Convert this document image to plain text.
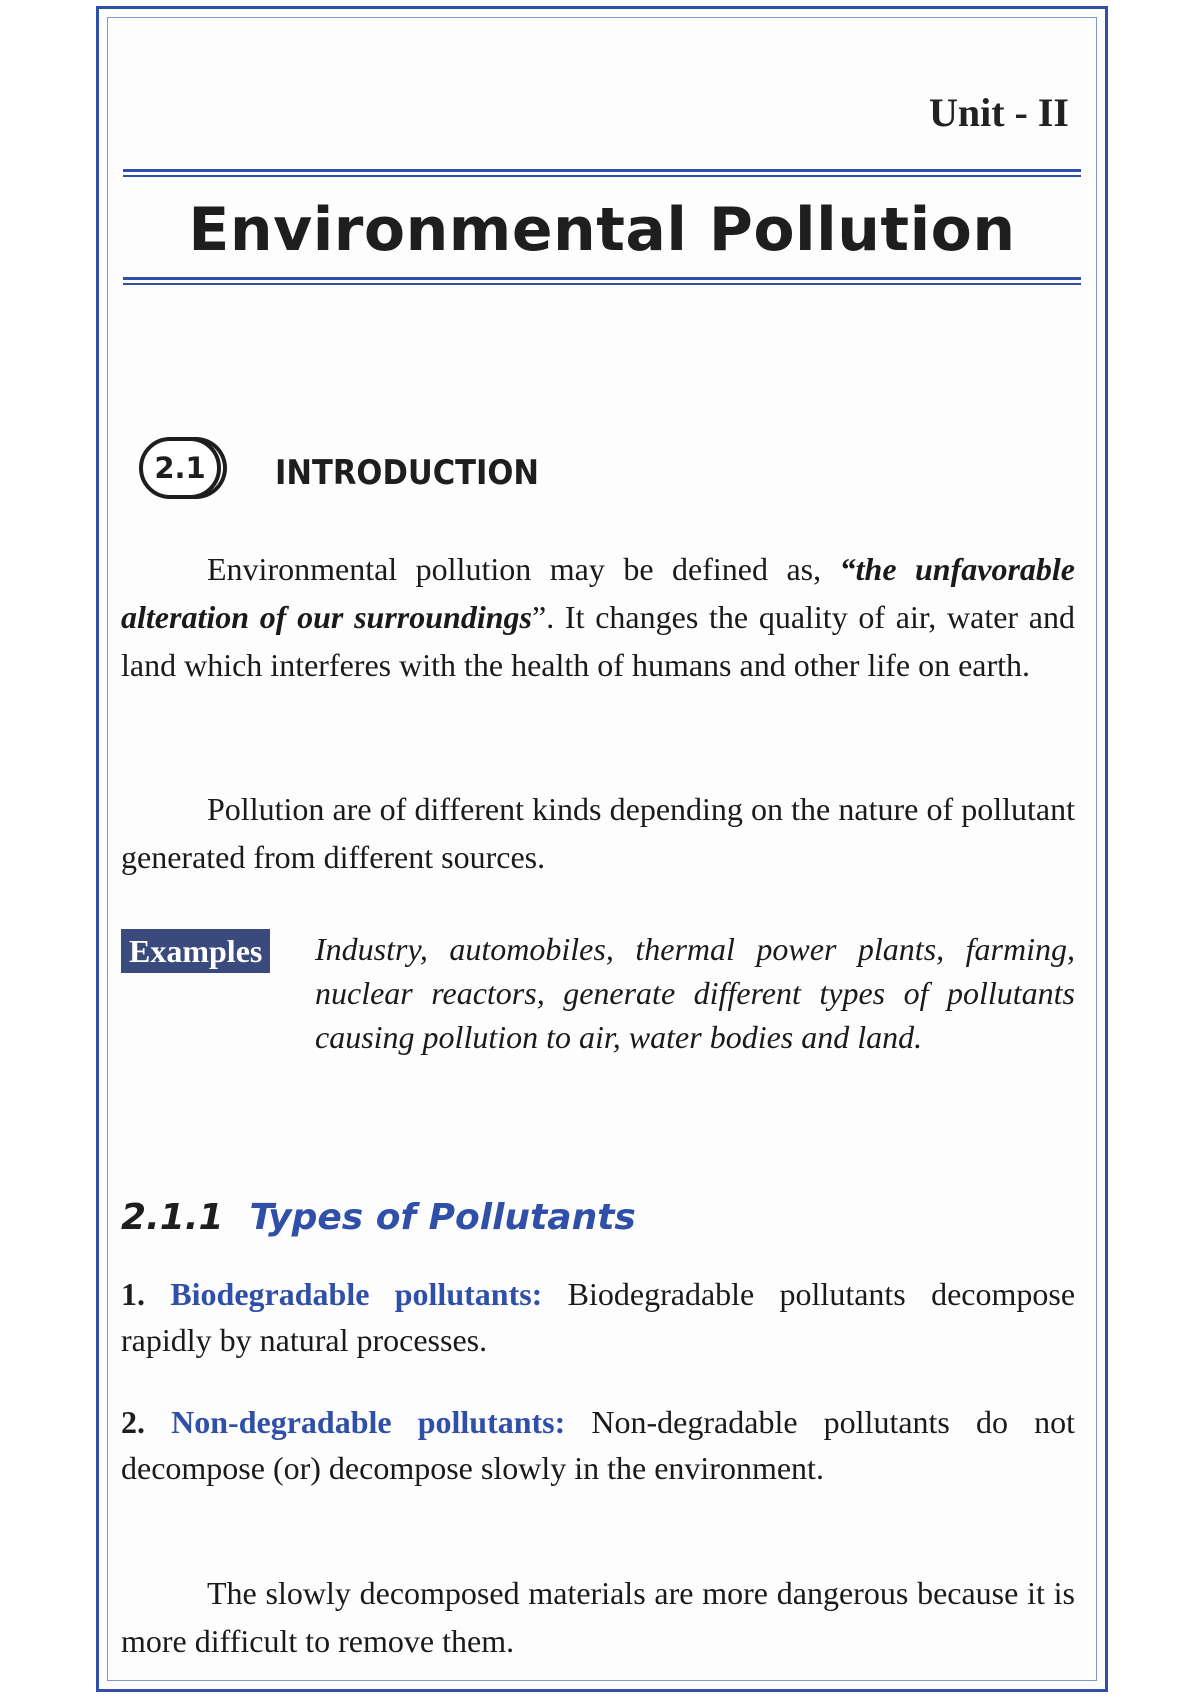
Unit - II
Environmental Pollution
2.1	INTRODUCTION
Environmental pollution may be defined as, “the unfavorable alteration of our surroundings”. It changes the quality of air, water and land which interferes with the health of humans and other life on earth.
Pollution are of different kinds depending on the nature of pollutant generated from different sources.
Examples Industry, automobiles, thermal power plants, farming, nuclear reactors, generate different types of pollutants causing pollution to air, water bodies and land.
2.1.1 Types of Pollutants
1. Biodegradable pollutants: Biodegradable pollutants decompose rapidly by natural processes.
2. Non-degradable pollutants: Non-degradable pollutants do not decompose (or) decompose slowly in the environment.
The slowly decomposed materials are more dangerous because it is more difficult to remove them.
